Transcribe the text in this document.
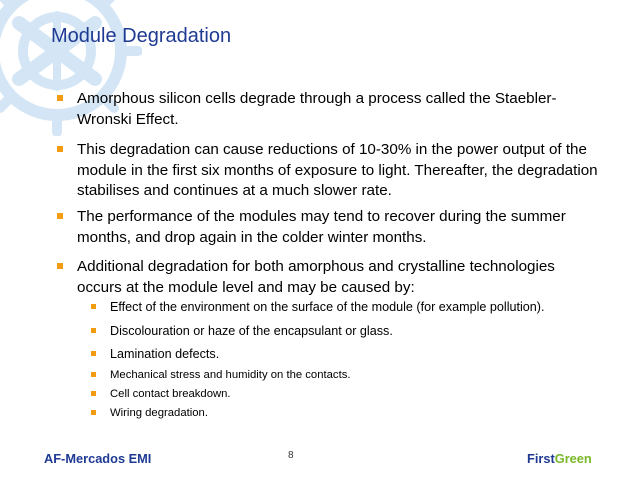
Module Degradation
Amorphous silicon cells degrade through a process called the Staebler-Wronski Effect.
This degradation can cause reductions of 10-30% in the power output of the module in the first six months of exposure to light. Thereafter, the degradation stabilises and continues at a much slower rate.
The performance of the modules may tend to recover during the summer months, and drop again in the colder winter months.
Additional degradation for both amorphous and crystalline technologies occurs at the module level and may be caused by:
Effect of the environment on the surface of the module (for example pollution).
Discolouration or haze of the encapsulant or glass.
Lamination defects.
Mechanical stress and humidity on the contacts.
Cell contact breakdown.
Wiring degradation.
AF-Mercados EMI	8	FirstGreen
